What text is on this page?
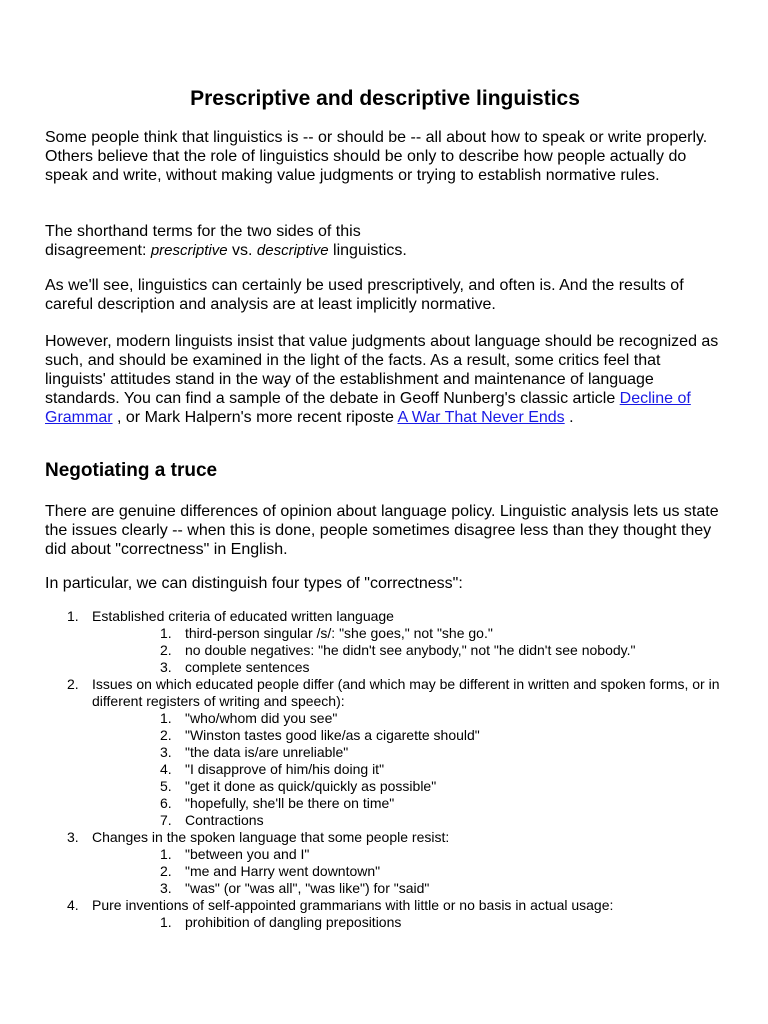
Prescriptive and descriptive linguistics

Some people think that linguistics is -- or should be -- all about how to speak or write properly. Others believe that the role of linguistics should be only to describe how people actually do speak and write, without making value judgments or trying to establish normative rules.

The shorthand terms for the two sides of this
disagreement: prescriptive vs. descriptive linguistics.

As we'll see, linguistics can certainly be used prescriptively, and often is. And the results of careful description and analysis are at least implicitly normative.

However, modern linguists insist that value judgments about language should be recognized as such, and should be examined in the light of the facts. As a result, some critics feel that linguists' attitudes stand in the way of the establishment and maintenance of language standards. You can find a sample of the debate in Geoff Nunberg's classic article Decline of Grammar , or Mark Halpern's more recent riposte A War That Never Ends .

Negotiating a truce

There are genuine differences of opinion about language policy. Linguistic analysis lets us state the issues clearly -- when this is done, people sometimes disagree less than they thought they did about "correctness" in English.

In particular, we can distinguish four types of "correctness":

1. Established criteria of educated written language
1. third-person singular /s/: "she goes," not "she go."
2. no double negatives: "he didn't see anybody," not "he didn't see nobody."
3. complete sentences
2. Issues on which educated people differ (and which may be different in written and spoken forms, or in different registers of writing and speech):
1. "who/whom did you see"
2. "Winston tastes good like/as a cigarette should"
3. "the data is/are unreliable"
4. "I disapprove of him/his doing it"
5. "get it done as quick/quickly as possible"
6. "hopefully, she'll be there on time"
7. Contractions
3. Changes in the spoken language that some people resist:
1. "between you and I"
2. "me and Harry went downtown"
3. "was" (or "was all", "was like") for "said"
4. Pure inventions of self-appointed grammarians with little or no basis in actual usage:
1. prohibition of dangling prepositions
